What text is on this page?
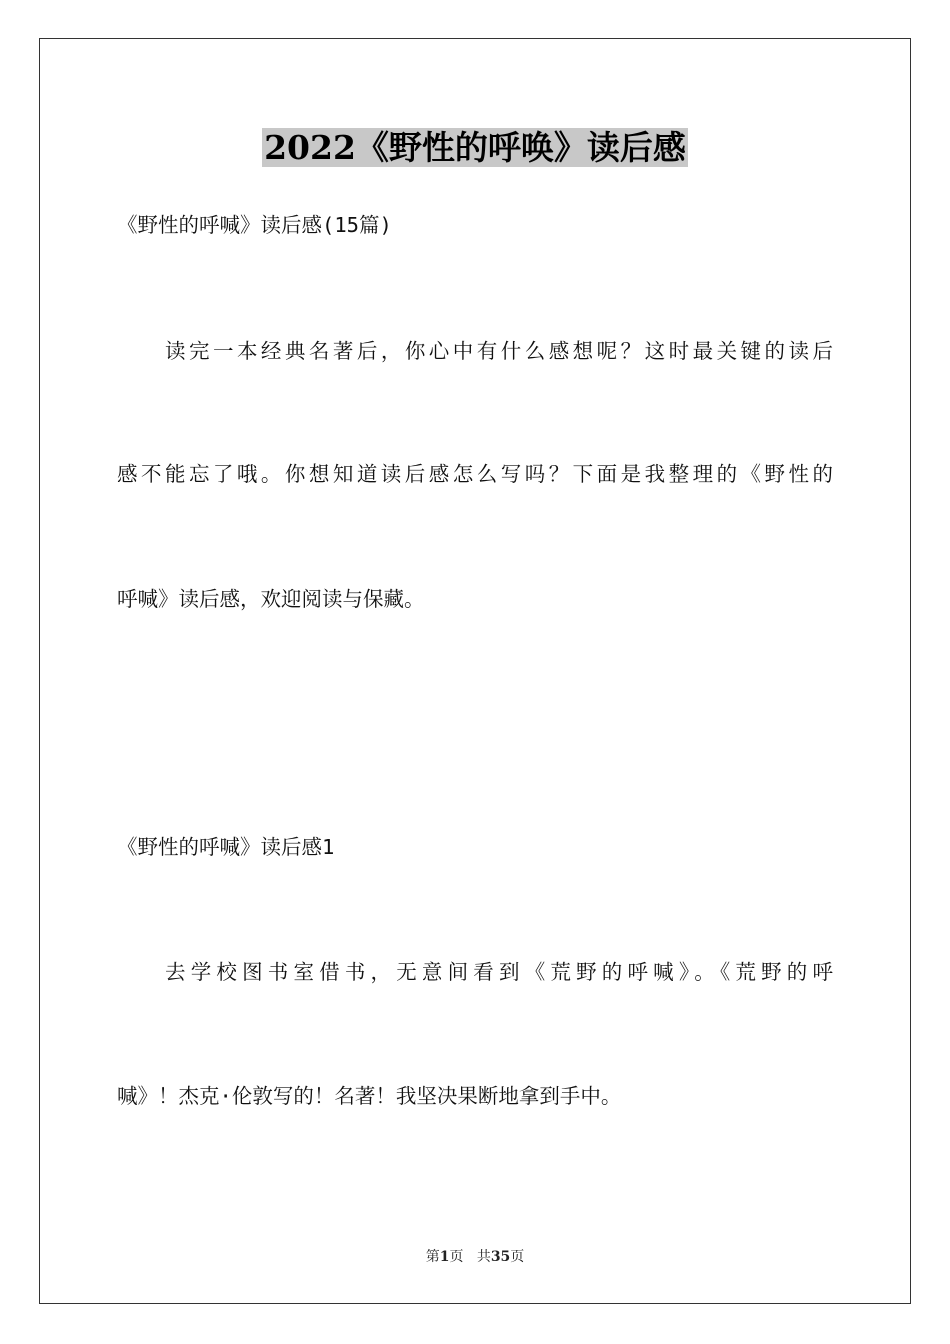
2022《野性的呼唤》读后感
《野性的呼喊》读后感(15篇)
读完一本经典名著后，你心中有什么感想呢？这时最关键的读后
感不能忘了哦。你想知道读后感怎么写吗？下面是我整理的《野性的
呼喊》读后感，欢迎阅读与保藏。
《野性的呼喊》读后感1
去学校图书室借书，无意间看到《荒野的呼喊》。《荒野的呼
喊》！杰克·伦敦写的！名著！我坚决果断地拿到手中。
第1页 共35页
